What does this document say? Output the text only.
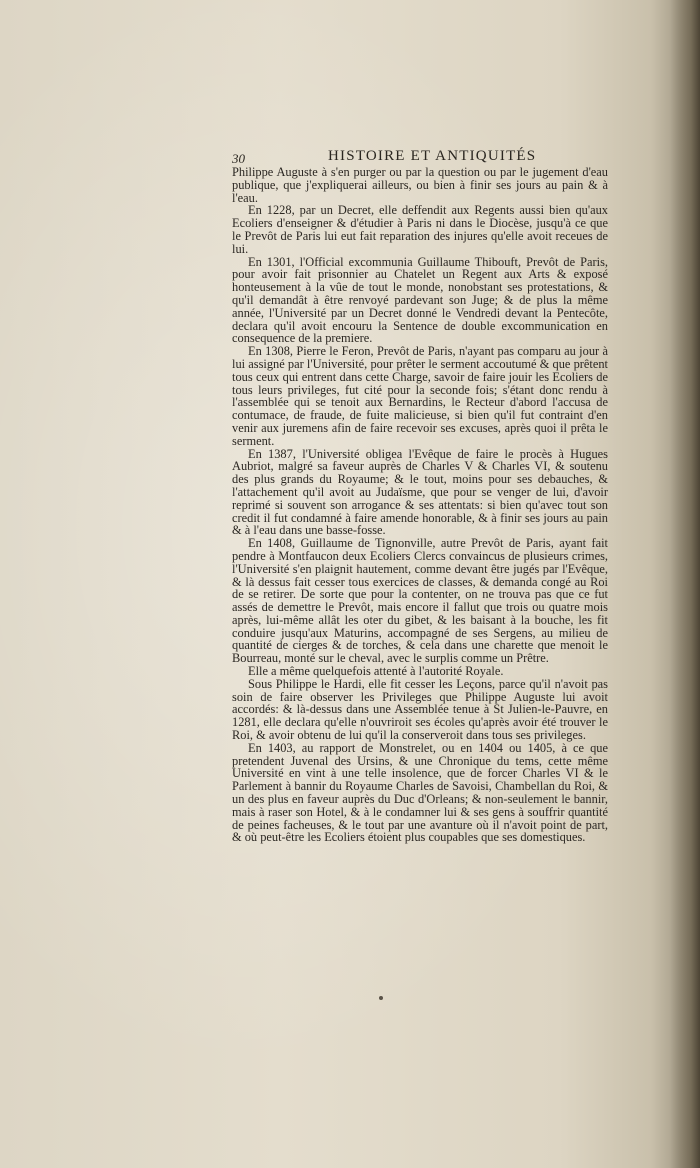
30	HISTOIRE ET ANTIQUITÉS

Philippe Auguste à s'en purger ou par la question ou par le jugement d'eau publique, que j'expliquerai ailleurs, ou bien à finir ses jours au pain & à l'eau.

En 1228, par un Decret, elle deffendit aux Regents aussi bien qu'aux Ecoliers d'enseigner & d'étudier à Paris ni dans le Diocèse, jusqu'à ce que le Prevôt de Paris lui eut fait reparation des injures qu'elle avoit receues de lui.

En 1301, l'Official excommunia Guillaume Thibouft, Prevôt de Paris, pour avoir fait prisonnier au Chatelet un Regent aux Arts & exposé honteusement à la vûe de tout le monde, nonobstant ses protestations, & qu'il demandât à être renvoyé pardevant son Juge; & de plus la même année, l'Université par un Decret donné le Vendredi devant la Pentecôte, declara qu'il avoit encouru la Sentence de double excommunication en consequence de la premiere.

En 1308, Pierre le Feron, Prevôt de Paris, n'ayant pas comparu au jour à lui assigné par l'Université, pour prêter le serment accoutumé & que prêtent tous ceux qui entrent dans cette Charge, savoir de faire jouir les Ecoliers de tous leurs privileges, fut cité pour la seconde fois; s'étant donc rendu à l'assemblée qui se tenoit aux Bernardins, le Recteur d'abord l'accusa de contumace, de fraude, de fuite malicieuse, si bien qu'il fut contraint d'en venir aux juremens afin de faire recevoir ses excuses, après quoi il prêta le serment.

En 1387, l'Université obligea l'Evêque de faire le procès à Hugues Aubriot, malgré sa faveur auprès de Charles V & Charles VI, & soutenu des plus grands du Royaume; & le tout, moins pour ses debauches, & l'attachement qu'il avoit au Judaïsme, que pour se venger de lui, d'avoir reprimé si souvent son arrogance & ses attentats: si bien qu'avec tout son credit il fut condamné à faire amende honorable, & à finir ses jours au pain & à l'eau dans une basse-fosse.

En 1408, Guillaume de Tignonville, autre Prevôt de Paris, ayant fait pendre à Montfaucon deux Ecoliers Clercs convaincus de plusieurs crimes, l'Université s'en plaignit hautement, comme devant être jugés par l'Evêque, & là dessus fait cesser tous exercices de classes, & demanda congé au Roi de se retirer. De sorte que pour la contenter, on ne trouva pas que ce fut assés de demettre le Prevôt, mais encore il fallut que trois ou quatre mois après, lui-même allât les oter du gibet, & les baisant à la bouche, les fit conduire jusqu'aux Maturins, accompagné de ses Sergens, au milieu de quantité de cierges & de torches, & cela dans une charette que menoit le Bourreau, monté sur le cheval, avec le surplis comme un Prêtre.

Elle a même quelquefois attenté à l'autorité Royale.

Sous Philippe le Hardi, elle fit cesser les Leçons, parce qu'il n'avoit pas soin de faire observer les Privileges que Philippe Auguste lui avoit accordés: & là-dessus dans une Assemblée tenue à St Julien-le-Pauvre, en 1281, elle declara qu'elle n'ouvriroit ses écoles qu'après avoir été trouver le Roi, & avoir obtenu de lui qu'il la conserveroit dans tous ses privileges.

En 1403, au rapport de Monstrelet, ou en 1404 ou 1405, à ce que pretendent Juvenal des Ursins, & une Chronique du tems, cette même Université en vint à une telle insolence, que de forcer Charles VI & le Parlement à bannir du Royaume Charles de Savoisi, Chambellan du Roi, & un des plus en faveur auprès du Duc d'Orleans; & non-seulement le bannir, mais à raser son Hotel, & à le condamner lui & ses gens à souffrir quantité de peines facheuses, & le tout par une avanture où il n'avoit point de part, & où peut-être les Ecoliers étoient plus coupables que ses domestiques.
